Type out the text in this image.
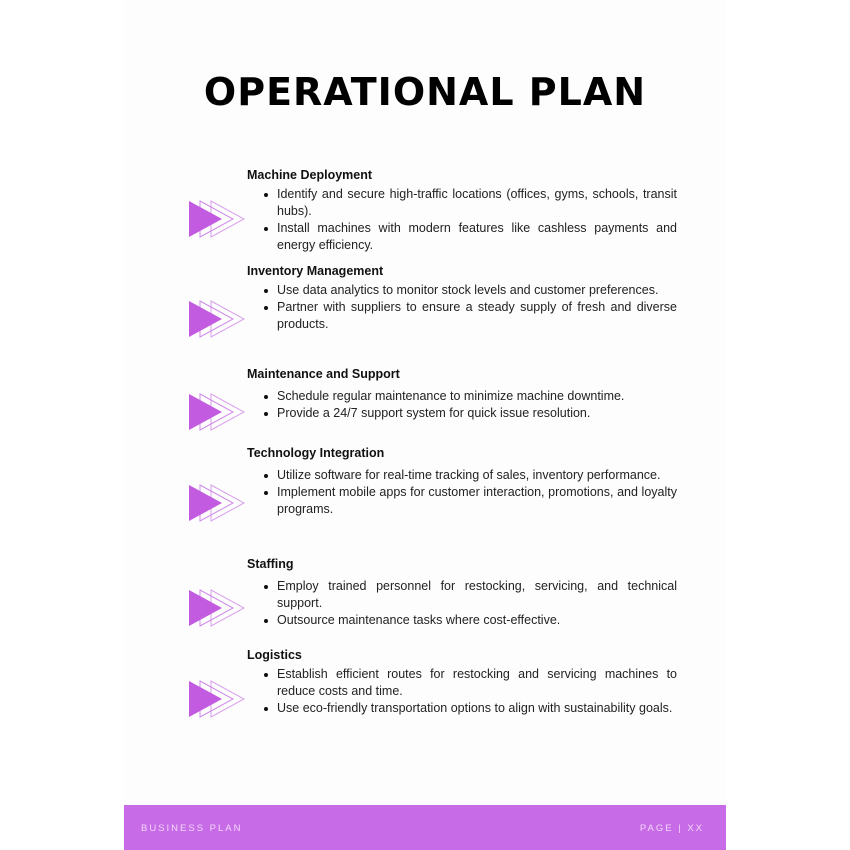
OPERATIONAL PLAN
Machine Deployment
Identify and secure high-traffic locations (offices, gyms, schools, transit hubs).
Install machines with modern features like cashless payments and energy efficiency.
Inventory Management
Use data analytics to monitor stock levels and customer preferences.
Partner with suppliers to ensure a steady supply of fresh and diverse products.
Maintenance and Support
Schedule regular maintenance to minimize machine downtime.
Provide a 24/7 support system for quick issue resolution.
Technology Integration
Utilize software for real-time tracking of sales, inventory performance.
Implement mobile apps for customer interaction, promotions, and loyalty programs.
Staffing
Employ trained personnel for restocking, servicing, and technical support.
Outsource maintenance tasks where cost-effective.
Logistics
Establish efficient routes for restocking and servicing machines to reduce costs and time.
Use eco-friendly transportation options to align with sustainability goals.
BUSINESS PLAN	PAGE | XX
